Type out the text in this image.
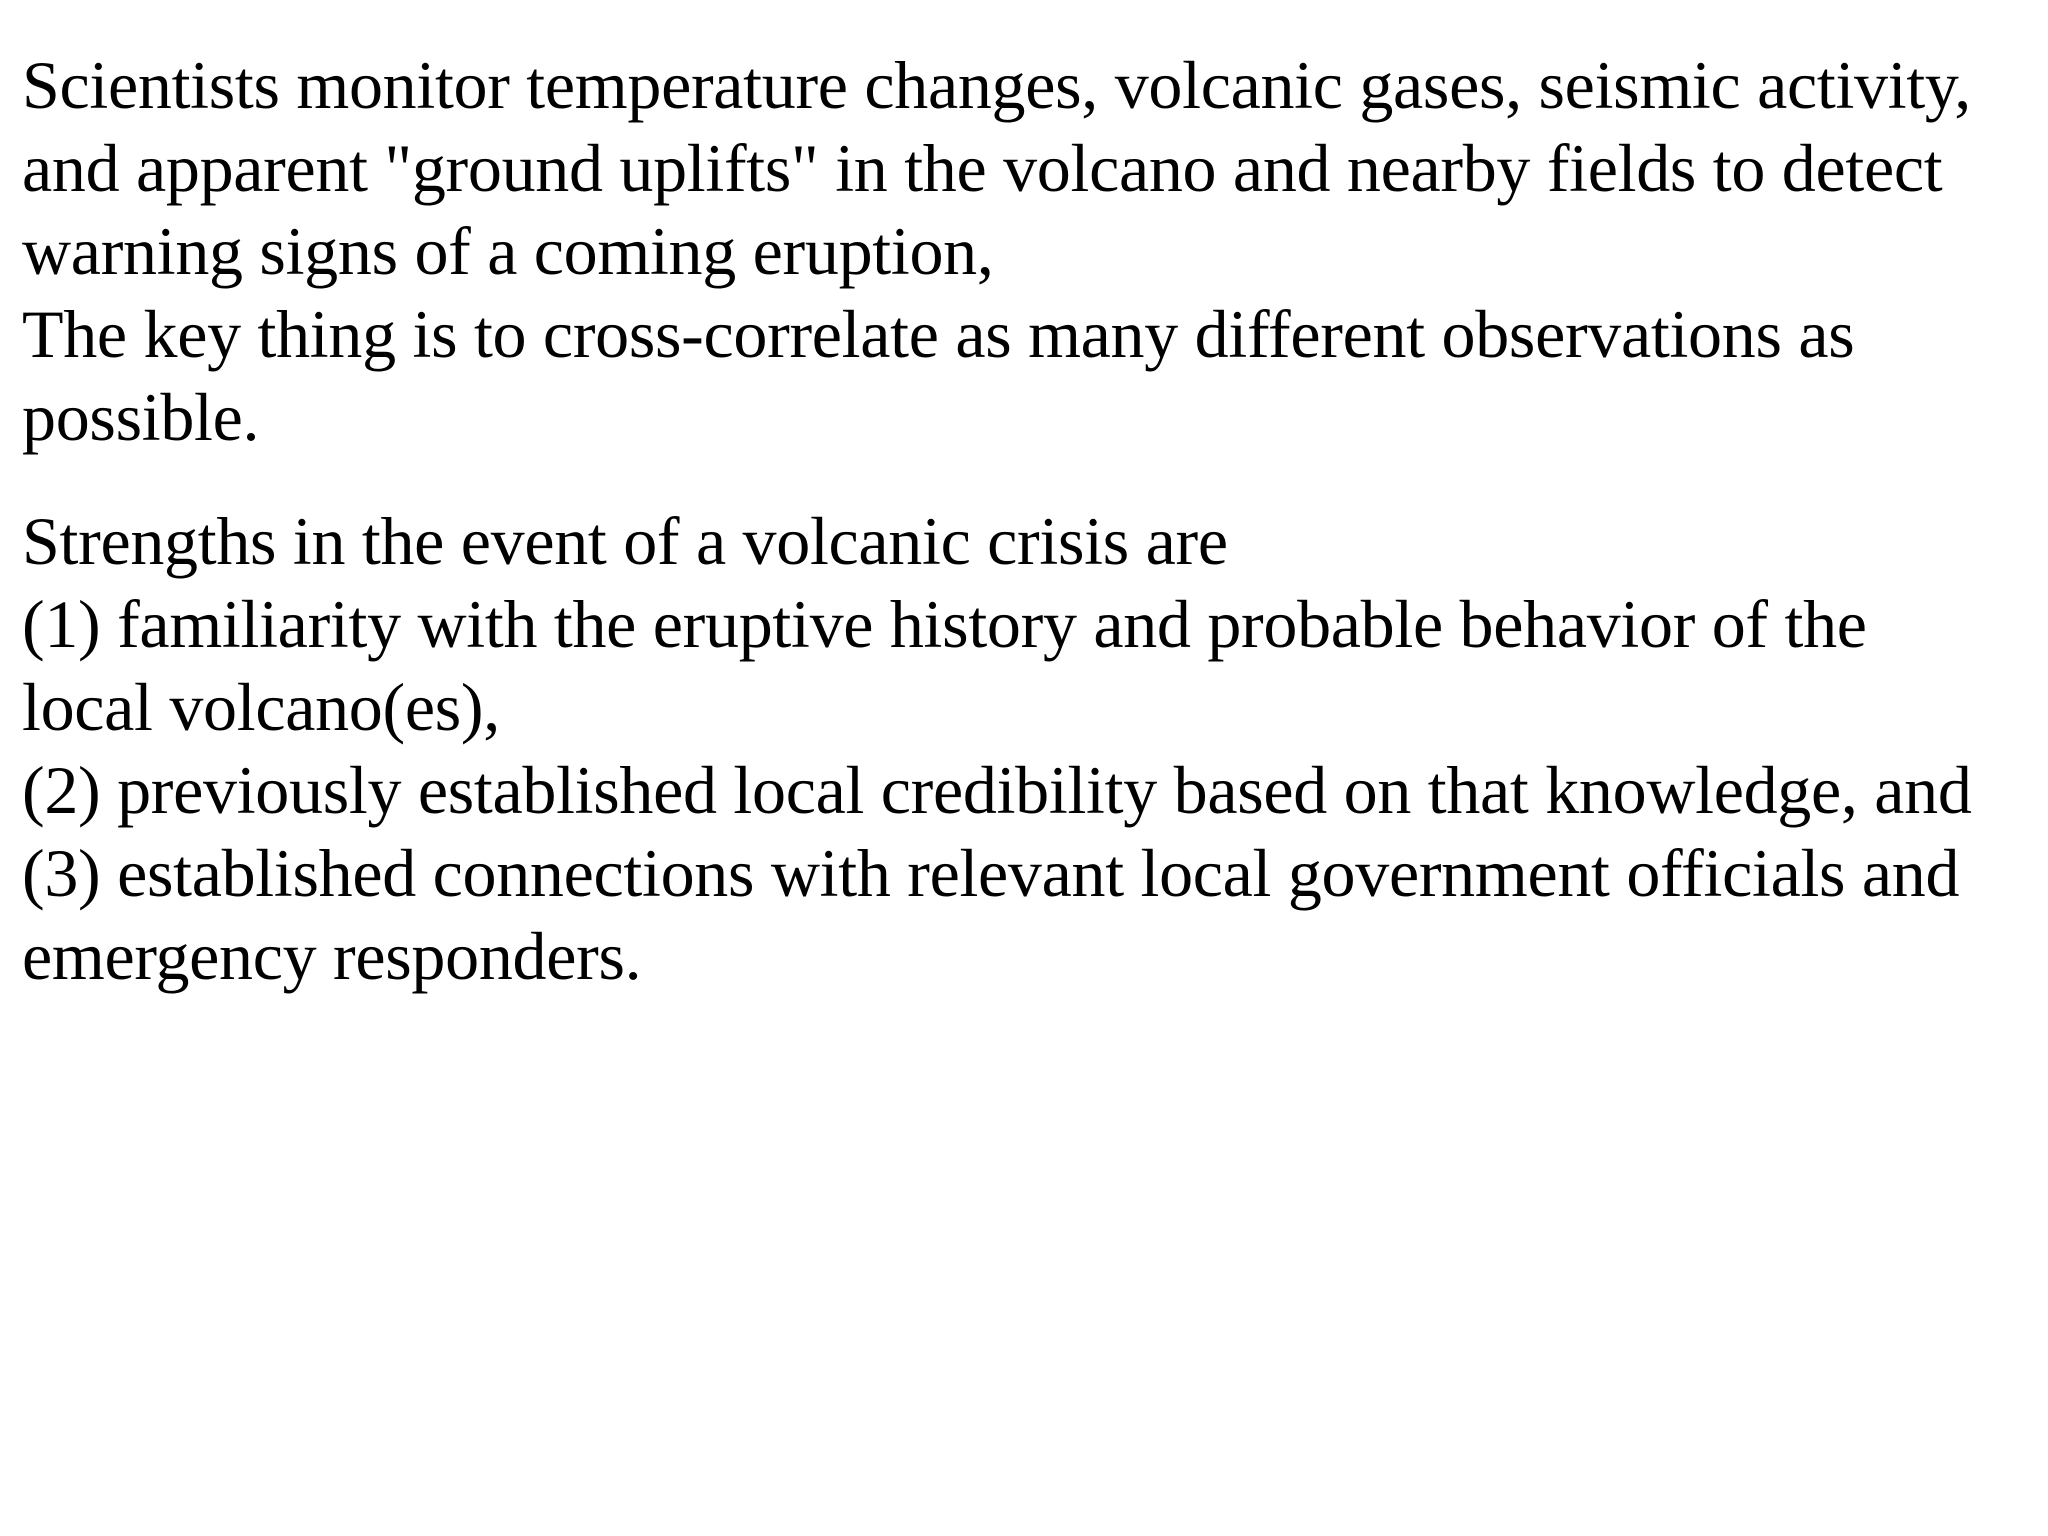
Scientists monitor temperature changes, volcanic gases, seismic activity,
and apparent "ground uplifts" in the volcano and nearby fields to detect
warning signs of a coming eruption,
The key thing is to cross-correlate as many different observations as
possible.
Strengths in the event of a volcanic crisis are
(1) familiarity with the eruptive history and probable behavior of the
local volcano(es),
(2) previously established local credibility based on that knowledge, and
(3) established connections with relevant local government officials and
emergency responders.
